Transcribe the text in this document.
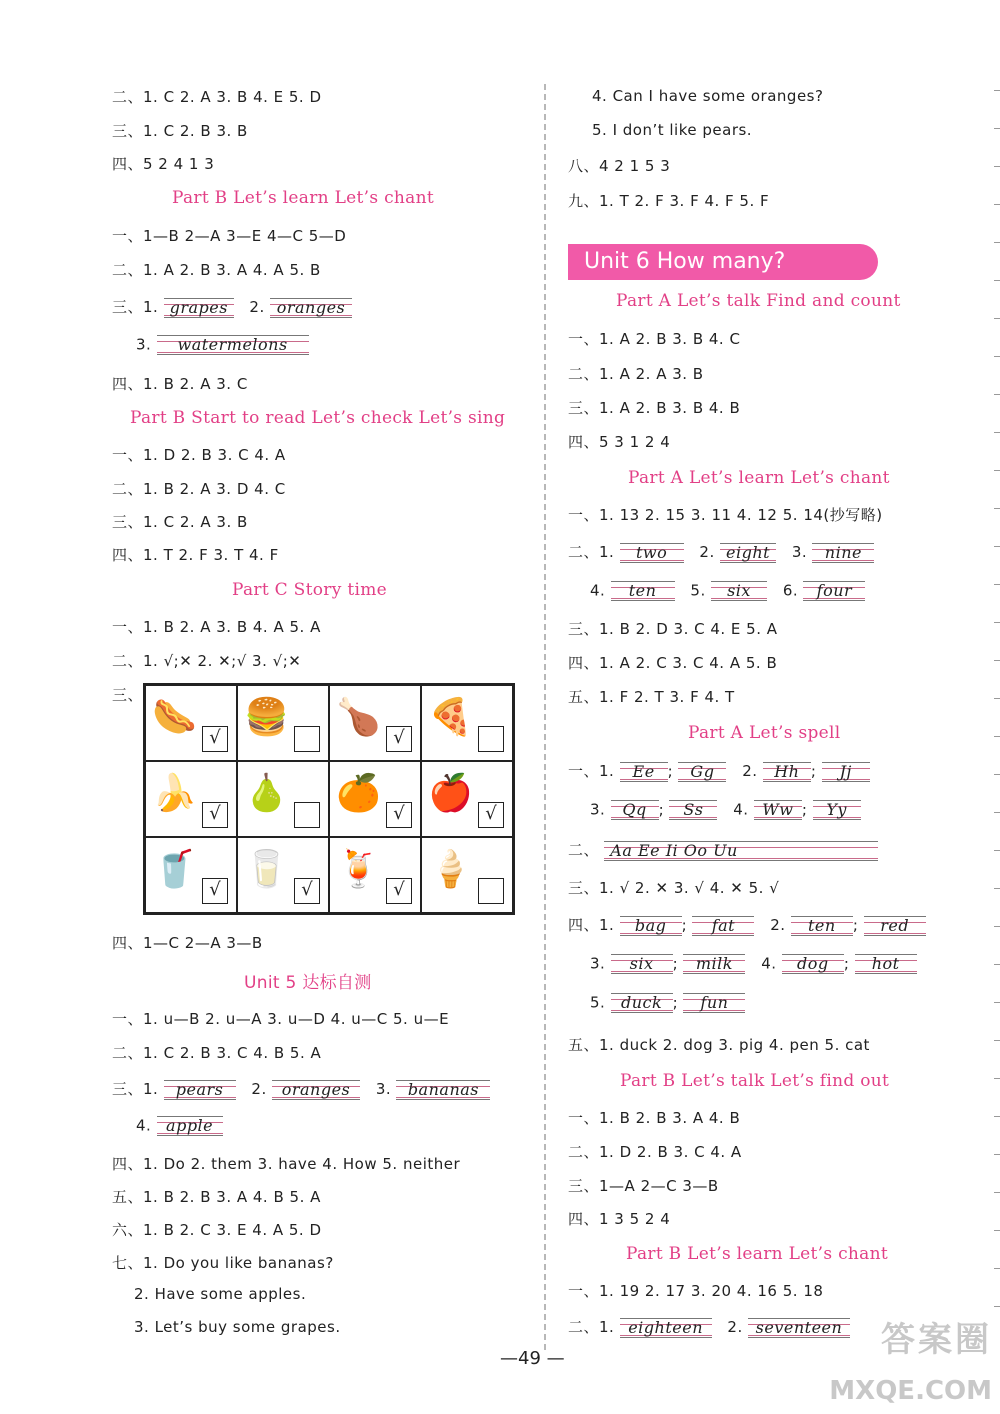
二、1. C 2. A 3. B 4. E 5. D
三、1. C 2. B 3. B
四、5 2 4 1 3
Part B Let’s learn Let’s chant
一、1—B 2—A 3—E 4—C 5—D
二、1. A 2. B 3. A 4. A 5. B
三、1. grapes 2. oranges
3. watermelons
四、1. B 2. A 3. C
Part B Start to read Let’s check Let’s sing
一、1. D 2. B 3. C 4. A
二、1. B 2. A 3. D 4. C
三、1. C 2. A 3. B
四、1. T 2. F 3. T 4. F
Part C Story time
一、1. B 2. A 3. B 4. A 5. A
二、1. √;✕ 2. ✕;√ 3. √;✕
三、
🌭 √ 🍔 🍗 √ 🍕
🍌 √ 🍐 🍊 √ 🍎 √
🥤 √ 🥛 √ 🍹 √ 🍦
四、1—C 2—A 3—B
Unit 5 达标自测
一、1. u—B 2. u—A 3. u—D 4. u—C 5. u—E
二、1. C 2. B 3. C 4. B 5. A
三、1. pears 2. oranges 3. bananas
4. apple
四、1. Do 2. them 3. have 4. How 5. neither
五、1. B 2. B 3. A 4. B 5. A
六、1. B 2. C 3. E 4. A 5. D
七、1. Do you like bananas?
2. Have some apples.
3. Let’s buy some grapes.
4. Can I have some oranges?
5. I don’t like pears.
八、4 2 1 5 3
九、1. T 2. F 3. F 4. F 5. F
Unit 6 How many?
Part A Let’s talk Find and count
一、1. A 2. B 3. B 4. C
二、1. A 2. A 3. B
三、1. A 2. B 3. B 4. B
四、5 3 1 2 4
Part A Let’s learn Let’s chant
一、1. 13 2. 15 3. 11 4. 12 5. 14(抄写略)
二、1. two 2. eight 3. nine
4. ten 5. six 6. four
三、1. B 2. D 3. C 4. E 5. A
四、1. A 2. C 3. C 4. A 5. B
五、1. F 2. T 3. F 4. T
Part A Let’s spell
一、1. Ee ; Gg 2. Hh ; Jj
3. Qq ; Ss 4. Ww ; Yy
二、 Aa Ee Ii Oo Uu
三、1. √ 2. ✕ 3. √ 4. ✕ 5. √
四、1. bag ; fat 2. ten ; red
3. six ; milk 4. dog ; hot
5. duck ; fun
五、1. duck 2. dog 3. pig 4. pen 5. cat
Part B Let’s talk Let’s find out
一、1. B 2. B 3. A 4. B
二、1. D 2. B 3. C 4. A
三、1—A 2—C 3—B
四、1 3 5 2 4
Part B Let’s learn Let’s chant
一、1. 19 2. 17 3. 20 4. 16 5. 18
二、1. eighteen 2. seventeen
—49 —	答案圈
MXQE.COM
